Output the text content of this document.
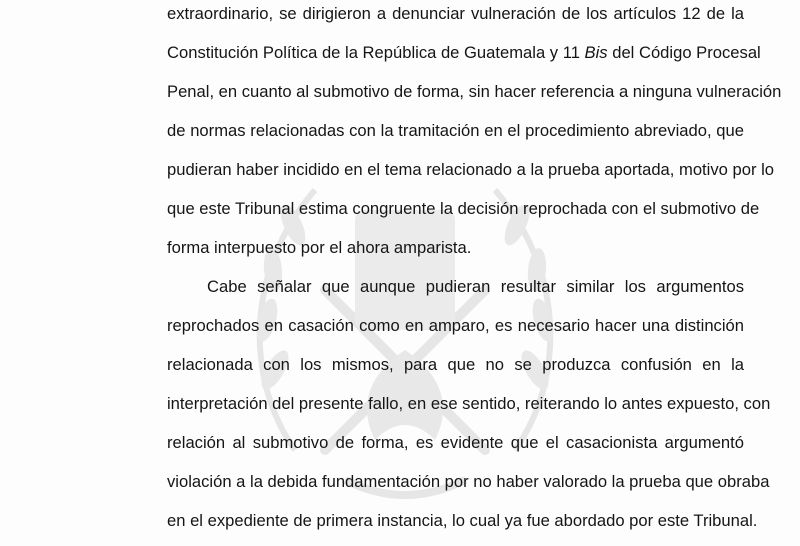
extraordinario, se dirigieron a denunciar vulneración de los artículos 12 de la
Constitución Política de la República de Guatemala y 11 Bis del Código Procesal
Penal, en cuanto al submotivo de forma, sin hacer referencia a ninguna vulneración
de normas relacionadas con la tramitación en el procedimiento abreviado, que
pudieran haber incidido en el tema relacionado a la prueba aportada, motivo por lo
que este Tribunal estima congruente la decisión reprochada con el submotivo de
forma interpuesto por el ahora amparista.
Cabe señalar que aunque pudieran resultar similar los argumentos
reprochados en casación como en amparo, es necesario hacer una distinción
relacionada con los mismos, para que no se produzca confusión en la
interpretación del presente fallo, en ese sentido, reiterando lo antes expuesto, con
relación al submotivo de forma, es evidente que el casacionista argumentó
violación a la debida fundamentación por no haber valorado la prueba que obraba
en el expediente de primera instancia, lo cual ya fue abordado por este Tribunal.
